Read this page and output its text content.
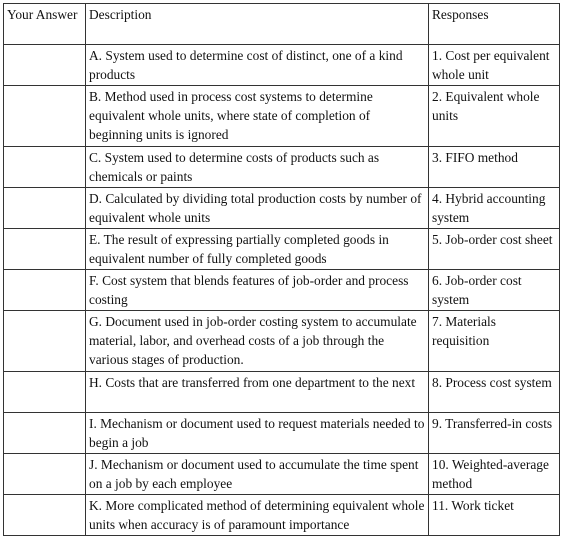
Your Answer	Description	Responses
	A. System used to determine cost of distinct, one of a kind products	1. Cost per equivalent whole unit
	B. Method used in process cost systems to determine equivalent whole units, where state of completion of beginning units is ignored	2. Equivalent whole units
	C. System used to determine costs of products such as chemicals or paints	3. FIFO method
	D. Calculated by dividing total production costs by number of equivalent whole units	4. Hybrid accounting system
	E. The result of expressing partially completed goods in equivalent number of fully completed goods	5. Job-order cost sheet
	F. Cost system that blends features of job-order and process costing	6. Job-order cost system
	G. Document used in job-order costing system to accumulate material, labor, and overhead costs of a job through the various stages of production.	7. Materials requisition
	H. Costs that are transferred from one department to the next	8. Process cost system
	I. Mechanism or document used to request materials needed to begin a job	9. Transferred-in costs
	J. Mechanism or document used to accumulate the time spent on a job by each employee	10. Weighted-average method
	K. More complicated method of determining equivalent whole units when accuracy is of paramount importance	11. Work ticket
